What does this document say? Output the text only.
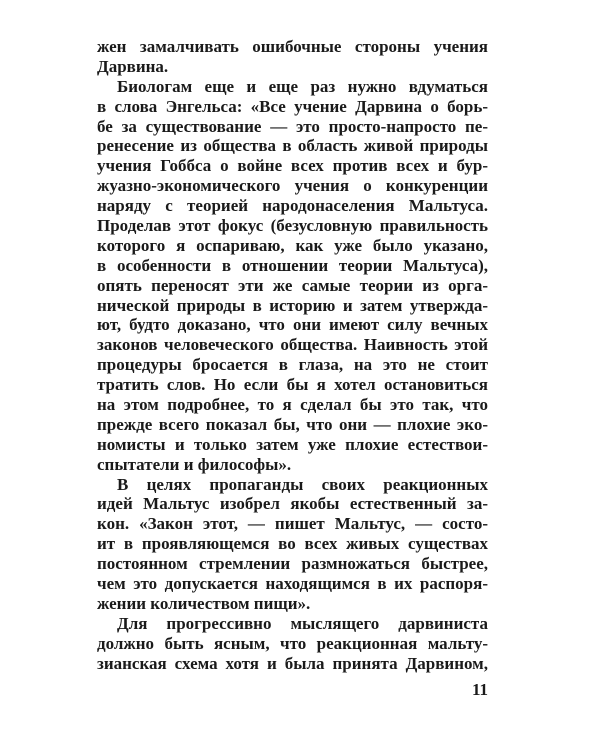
жен замалчивать ошибочные стороны учения
Дарвина.
Биологам еще и еще раз нужно вдуматься
в слова Энгельса: «Все учение Дарвина о борь-
бе за существование — это просто-напросто пе-
ренесение из общества в область живой природы
учения Гоббса о войне всех против всех и бур-
жуазно-экономического учения о конкуренции
наряду с теорией народонаселения Мальтуса.
Проделав этот фокус (безусловную правильность
которого я оспариваю, как уже было указано,
в особенности в отношении теории Мальтуса),
опять переносят эти же самые теории из орга-
нической природы в историю и затем утвержда-
ют, будто доказано, что они имеют силу вечных
законов человеческого общества. Наивность этой
процедуры бросается в глаза, на это не стоит
тратить слов. Но если бы я хотел остановиться
на этом подробнее, то я сделал бы это так, что
прежде всего показал бы, что они — плохие эко-
номисты и только затем уже плохие естествои-
спытатели и философы».
В целях пропаганды своих реакционных
идей Мальтус изобрел якобы естественный за-
кон. «Закон этот, — пишет Мальтус, — состо-
ит в проявляющемся во всех живых существах
постоянном стремлении размножаться быстрее,
чем это допускается находящимся в их распоря-
жении количеством пищи».
Для прогрессивно мыслящего дарвиниста
должно быть ясным, что реакционная мальту-
зианская схема хотя и была принята Дарвином,
11
